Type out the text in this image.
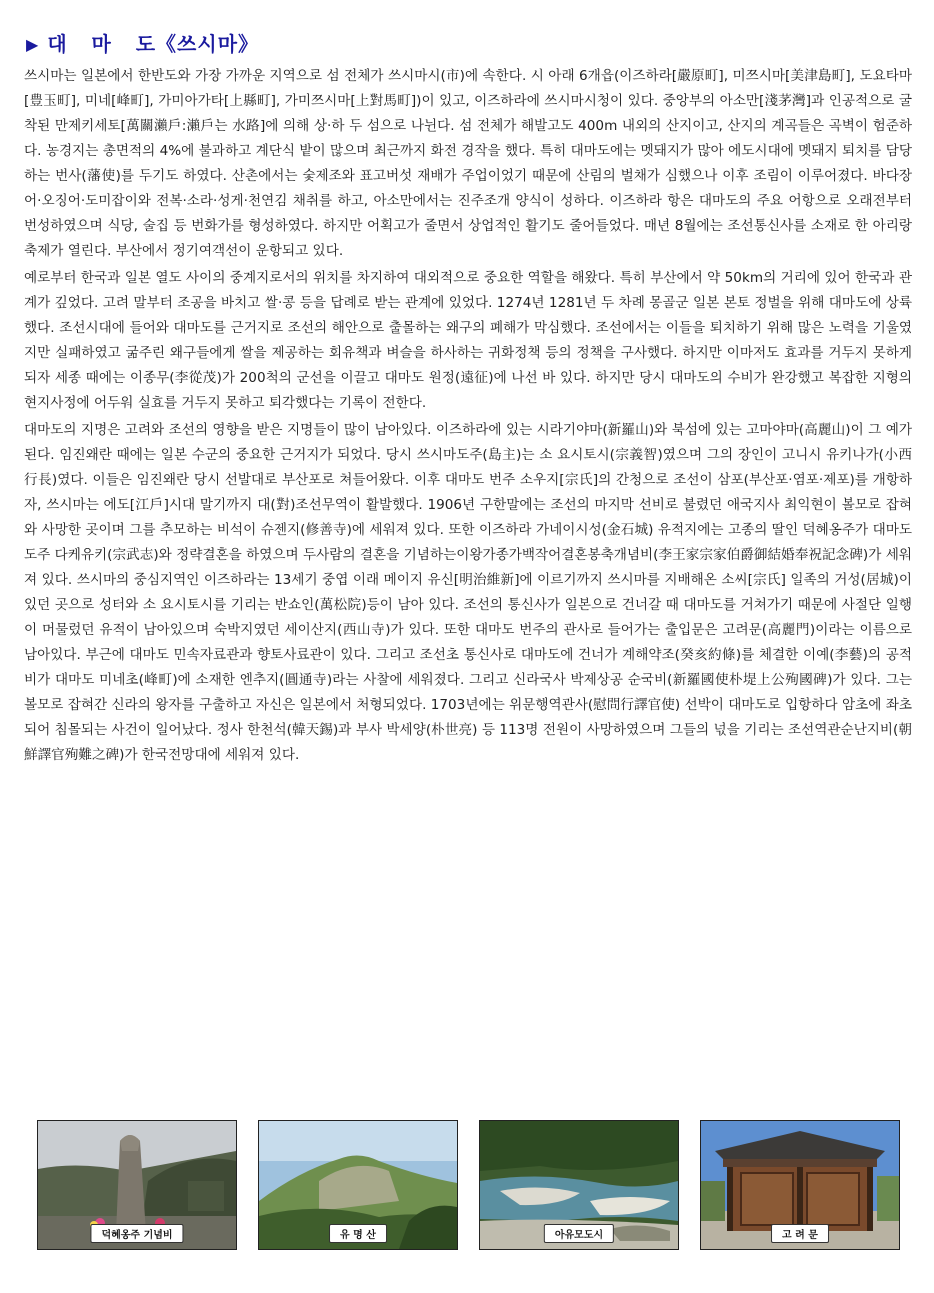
▶ 대   마   도《쓰시마》

쓰시마는 일본에서 한반도와 가장 가까운 지역으로 섬 전체가 쓰시마시(市)에 속한다. 시 아래 6개읍(이즈하라[嚴原町], 미쯔시마[美津島町], 도요타마[豊玉町], 미네[峰町], 가미아가타[上縣町], 가미쯔시마[上對馬町])이 있고, 이즈하라에 쓰시마시청이 있다. 중앙부의 아소만[淺茅灣]과 인공적으로 굴착된 만제키세토[萬關瀨戶:瀨戶는 水路]에 의해 상·하 두 섬으로 나뉜다. 섬 전체가 해발고도 400m 내외의 산지이고, 산지의 계곡들은 곡벽이 험준하다. 농경지는 총면적의 4%에 불과하고 계단식 밭이 많으며 최근까지 화전 경작을 했다. 특히 대마도에는 멧돼지가 많아 에도시대에 멧돼지 퇴치를 담당하는 번사(藩使)를 두기도 하였다. 산촌에서는 숯제조와 표고버섯 재배가 주업이었기 때문에 산림의 벌채가 심했으나 이후 조림이 이루어졌다. 바다장어·오징어·도미잡이와 전복·소라·성게·천연김 채취를 하고, 아소만에서는 진주조개 양식이 성하다. 이즈하라 항은 대마도의 주요 어항으로 오래전부터 번성하였으며 식당, 술집 등 번화가를 형성하였다. 하지만 어획고가 줄면서 상업적인 활기도 줄어들었다. 매년 8월에는 조선통신사를 소재로 한 아리랑 축제가 열린다. 부산에서 정기여객선이 운항되고 있다.

예로부터 한국과 일본 열도 사이의 중계지로서의 위치를 차지하여 대외적으로 중요한 역할을 해왔다. 특히 부산에서 약 50km의 거리에 있어 한국과 관계가 깊었다. 고려 말부터 조공을 바치고 쌀·콩 등을 답례로 받는 관계에 있었다. 1274년 1281년 두 차례 몽골군 일본 본토 정벌을 위해 대마도에 상륙했다. 조선시대에 들어와 대마도를 근거지로 조선의 해안으로 출몰하는 왜구의 폐해가 막심했다. 조선에서는 이들을 퇴치하기 위해 많은 노력을 기울였지만 실패하였고 굶주린 왜구들에게 쌀을 제공하는 회유책과 벼슬을 하사하는 귀화정책 등의 정책을 구사했다. 하지만 이마저도 효과를 거두지 못하게되자 세종 때에는 이종무(李從茂)가 200척의 군선을 이끌고 대마도 원정(遠征)에 나선 바 있다. 하지만 당시 대마도의 수비가 완강했고 복잡한 지형의 현지사정에 어두워 실효를 거두지 못하고 퇴각했다는 기록이 전한다.

대마도의 지명은 고려와 조선의 영향을 받은 지명들이 많이 남아있다. 이즈하라에 있는 시라기야마(新羅山)와 북섬에 있는 고마야마(高麗山)이 그 예가 된다. 임진왜란 때에는 일본 수군의 중요한 근거지가 되었다. 당시 쓰시마도주(島主)는 소 요시토시(宗義智)였으며 그의 장인이 고니시 유키나가(小西行長)였다. 이들은 임진왜란 당시 선발대로 부산포로 쳐들어왔다. 이후 대마도 번주 소우지[宗氏]의 간청으로 조선이 삼포(부산포·염포·제포)를 개항하자, 쓰시마는 에도[江戶]시대 말기까지 대(對)조선무역이 활발했다. 1906년 구한말에는 조선의 마지막 선비로 불렸던 애국지사 최익현이 볼모로 잡혀와 사망한 곳이며 그를 추모하는 비석이 슈젠지(修善寺)에 세워져 있다. 또한 이즈하라 가네이시성(金石城) 유적지에는 고종의 딸인 덕혜옹주가 대마도 도주 다케유키(宗武志)와 정략결혼을 하였으며 두사람의 결혼을 기념하는이왕가종가백작어결혼봉축개념비(李王家宗家伯爵御結婚奉祝記念碑)가 세워져 있다. 쓰시마의 중심지역인 이즈하라는 13세기 중엽 이래 메이지 유신[明治維新]에 이르기까지 쓰시마를 지배해온 소씨[宗氏] 일족의 거성(居城)이 있던 곳으로 성터와 소 요시토시를 기리는 반쇼인(萬松院)등이 남아 있다. 조선의 통신사가 일본으로 건너갈 때 대마도를 거쳐가기 때문에 사절단 일행이 머물렀던 유적이 남아있으며 숙박지였던 세이산지(西山寺)가 있다. 또한 대마도 번주의 관사로 들어가는 출입문은 고려문(高麗門)이라는 이름으로 남아있다. 부근에 대마도 민속자료관과 향토사료관이 있다. 그리고 조선초 통신사로 대마도에 건너가 계해약조(癸亥約條)를 체결한 이예(李藝)의 공적비가 대마도 미네초(峰町)에 소재한 엔추지(圓通寺)라는 사찰에 세워졌다. 그리고 신라국사 박제상공 순국비(新羅國使朴堤上公殉國碑)가 있다. 그는 볼모로 잡혀간 신라의 왕자를 구출하고 자신은 일본에서 처형되었다. 1703년에는 위문행역관사(慰問行譯官使) 선박이 대마도로 입항하다 암초에 좌초되어 침몰되는 사건이 일어났다. 정사 한천석(韓天錫)과 부사 박세양(朴世亮) 등 113명 전원이 사망하였으며 그들의 넋을 기리는 조선역관순난지비(朝鮮譯官殉難之碑)가 한국전망대에 세워져 있다.

덕혜옹주 기념비	유 명 산	아유모도시	고 려 문
